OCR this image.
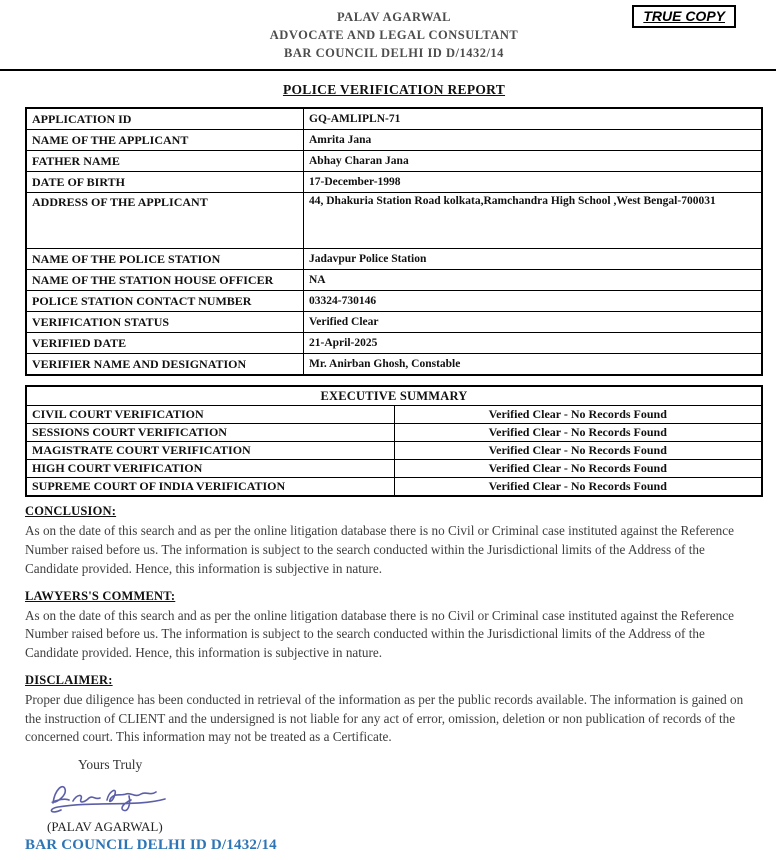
TRUE COPY
PALAV AGARWAL
ADVOCATE AND LEGAL CONSULTANT
BAR COUNCIL DELHI ID D/1432/14
POLICE VERIFICATION REPORT
APPLICATION ID	GQ-AMLIPLN-71
NAME OF THE APPLICANT	Amrita Jana
FATHER NAME	Abhay Charan Jana
DATE OF BIRTH	17-December-1998
ADDRESS OF THE APPLICANT	44, Dhakuria Station Road kolkata,Ramchandra High School ,West Bengal-700031
NAME OF THE POLICE STATION	Jadavpur Police Station
NAME OF THE STATION HOUSE OFFICER	NA
POLICE STATION CONTACT NUMBER	03324-730146
VERIFICATION STATUS	Verified Clear
VERIFIED DATE	21-April-2025
VERIFIER NAME AND DESIGNATION	Mr. Anirban Ghosh, Constable
EXECUTIVE SUMMARY	
CIVIL COURT VERIFICATION	Verified Clear - No Records Found
SESSIONS COURT VERIFICATION	Verified Clear - No Records Found
MAGISTRATE COURT VERIFICATION	Verified Clear - No Records Found
HIGH COURT VERIFICATION	Verified Clear - No Records Found
SUPREME COURT OF INDIA VERIFICATION	Verified Clear - No Records Found
CONCLUSION:

As on the date of this search and as per the online litigation database there is no Civil or Criminal case instituted against the Reference Number raised before us. The information is subject to the search conducted within the Jurisdictional limits of the Address of the Candidate provided. Hence, this information is subjective in nature.

LAWYERS'S COMMENT:

As on the date of this search and as per the online litigation database there is no Civil or Criminal case instituted against the Reference Number raised before us. The information is subject to the search conducted within the Jurisdictional limits of the Address of the Candidate provided. Hence, this information is subjective in nature.

DISCLAIMER:

Proper due diligence has been conducted in retrieval of the information as per the public records available. The information is gained on the instruction of CLIENT and the undersigned is not liable for any act of error, omission, deletion or non publication of records of the concerned court. This information may not be treated as a Certificate.

Yours Truly
(PALAV AGARWAL)
BAR COUNCIL DELHI ID D/1432/14
